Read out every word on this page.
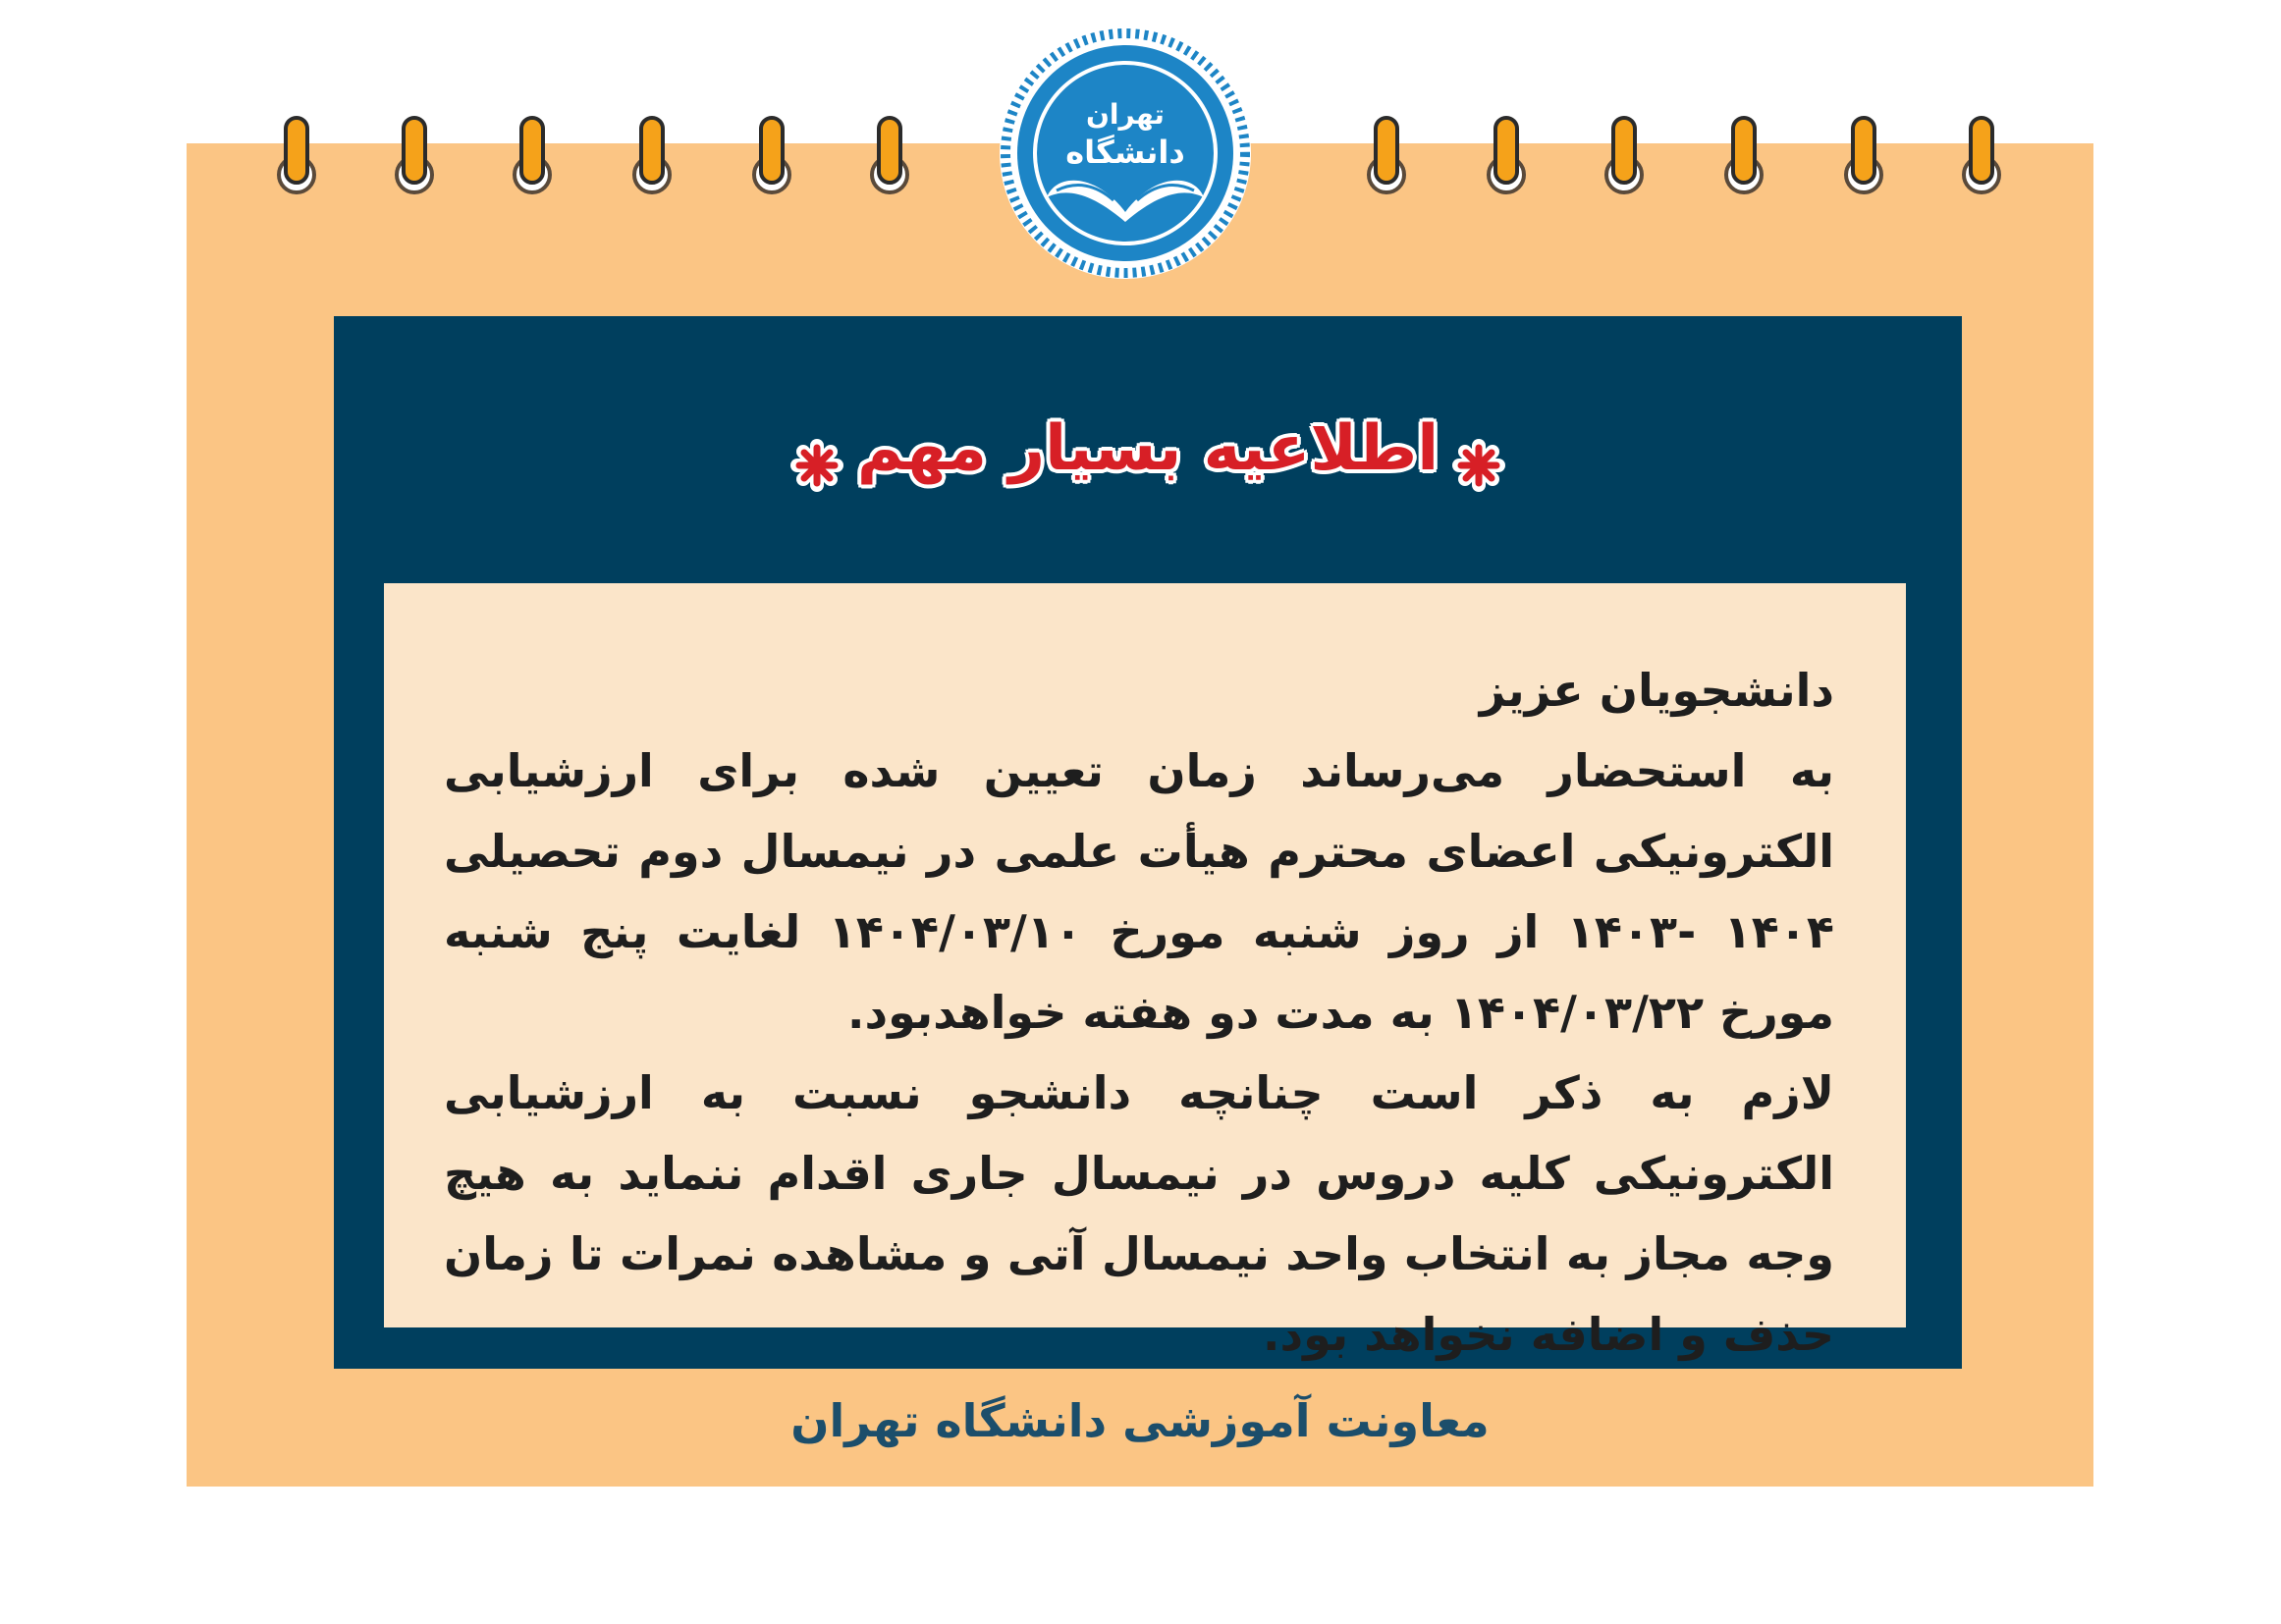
تهران
دانشگاه
اطلاعیه بسیار مهم

دانشجویان عزیز

به استحضار می‌رساند زمان تعیین شده برای ارزشیابی الکترونیکی اعضای محترم هیأت علمی در نیمسال دوم تحصیلی ۱۴۰۴ -۱۴۰۳ از روز شنبه مورخ ۱۴۰۴/۰۳/۱۰ لغایت پنج شنبه مورخ ۱۴۰۴/۰۳/۲۲ به مدت دو هفته خواهدبود.

لازم به ذکر است چنانچه دانشجو نسبت به ارزشیابی الکترونیکی کلیه دروس در نیمسال جاری اقدام ننماید به هیچ وجه مجاز به انتخاب واحد نیمسال آتی و مشاهده نمرات تا زمان حذف و اضافه نخواهد بود.

معاونت آموزشی دانشگاه تهران
